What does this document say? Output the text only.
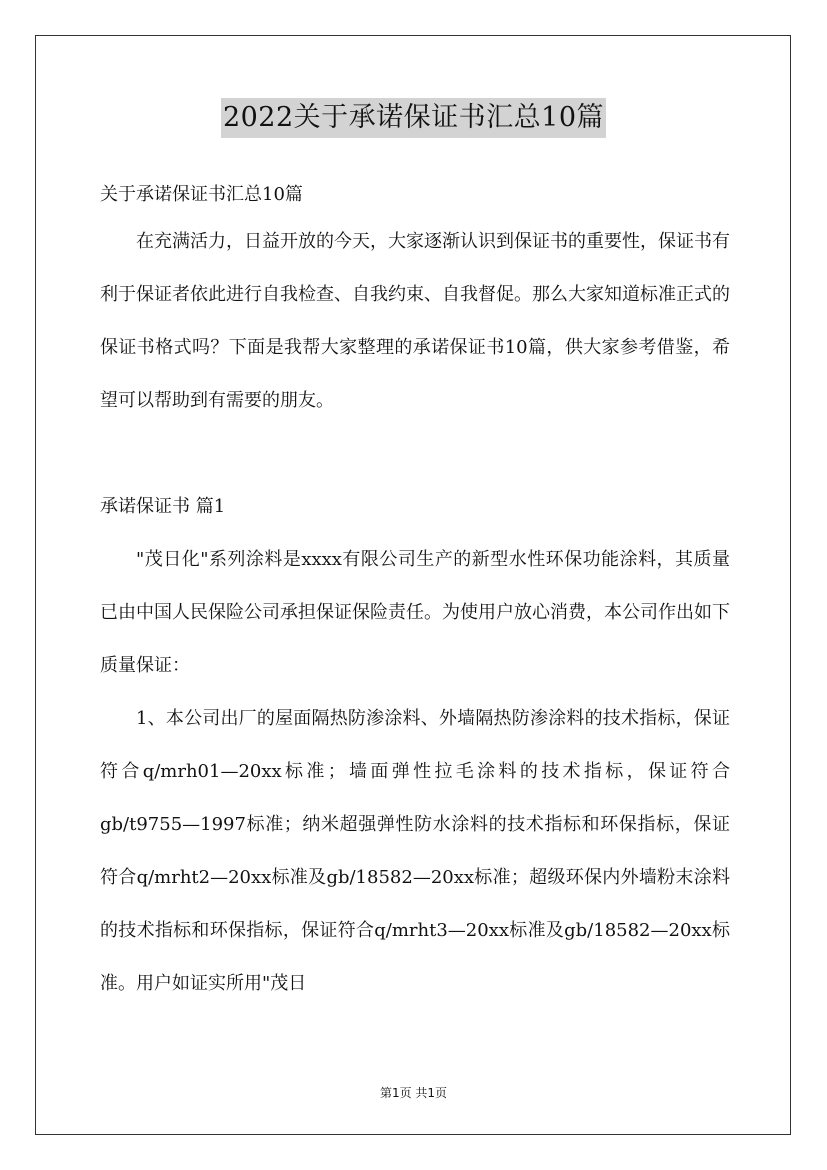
2022关于承诺保证书汇总10篇

关于承诺保证书汇总10篇

在充满活力，日益开放的今天，大家逐渐认识到保证书的重要性，保证书有利于保证者依此进行自我检查、自我约束、自我督促。那么大家知道标准正式的保证书格式吗？下面是我帮大家整理的承诺保证书10篇，供大家参考借鉴，希望可以帮助到有需要的朋友。

承诺保证书 篇1

"茂日化"系列涂料是xxxx有限公司生产的新型水性环保功能涂料，其质量已由中国人民保险公司承担保证保险责任。为使用户放心消费，本公司作出如下质量保证：

1、本公司出厂的屋面隔热防渗涂料、外墙隔热防渗涂料的技术指标，保证符合q/mrh01—20xx标准；墙面弹性拉毛涂料的技术指标，保证符合gb/t9755—1997标准；纳米超强弹性防水涂料的技术指标和环保指标，保证符合q/mrht2—20xx标准及gb/18582—20xx标准；超级环保内外墙粉末涂料的技术指标和环保指标，保证符合q/mrht3—20xx标准及gb/18582—20xx标准。用户如证实所用"茂日

第1页 共1页
